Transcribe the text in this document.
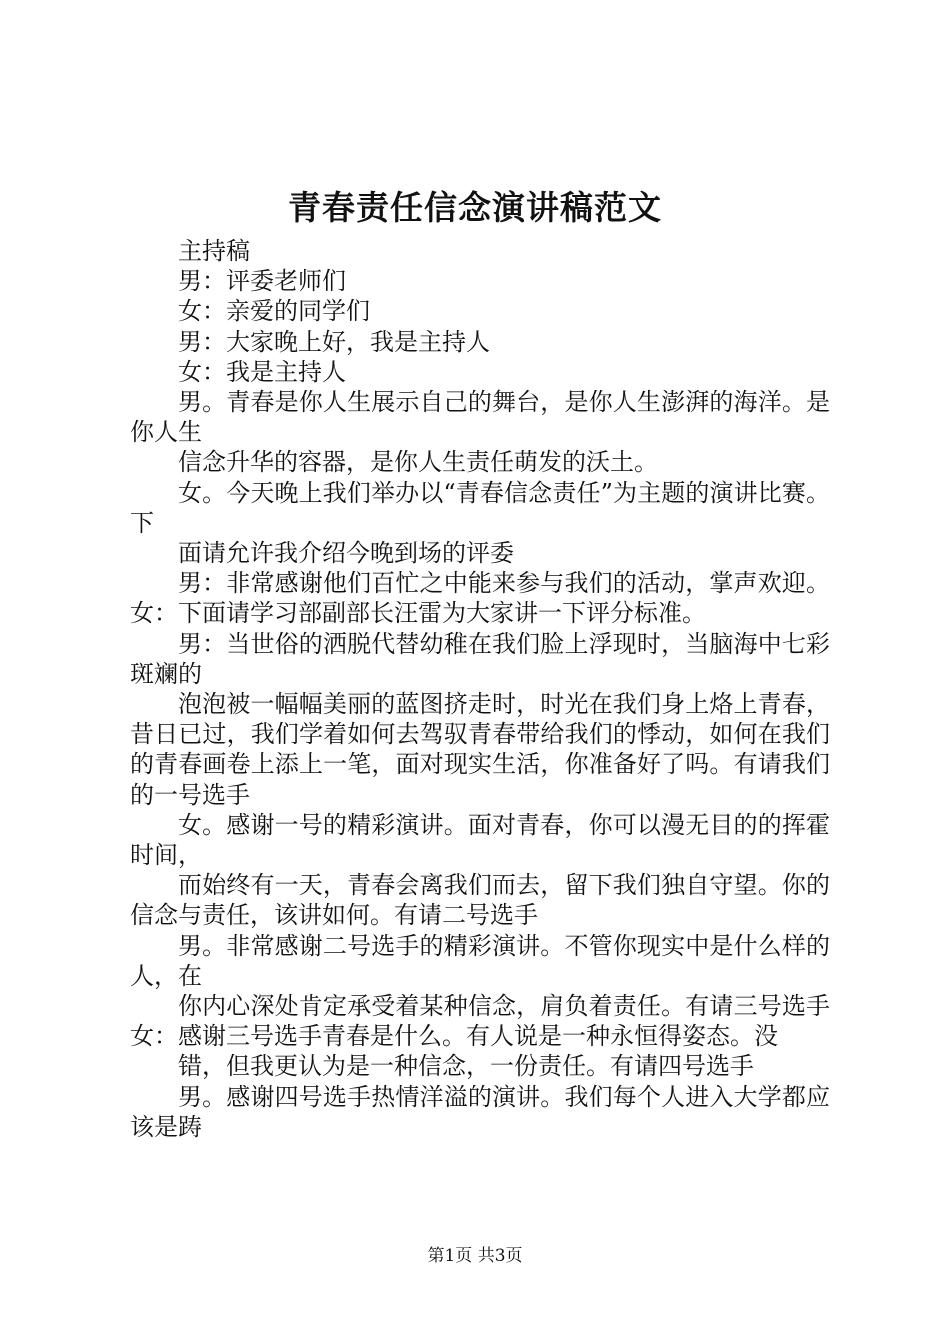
青春责任信念演讲稿范文

主持稿

男：评委老师们

女：亲爱的同学们

男：大家晚上好，我是主持人

女：我是主持人

男。青春是你人生展示自己的舞台，是你人生澎湃的海洋。是你人生

信念升华的容器，是你人生责任萌发的沃土。

女。今天晚上我们举办以“青春信念责任”为主题的演讲比赛。下

面请允许我介绍今晚到场的评委

男：非常感谢他们百忙之中能来参与我们的活动，掌声欢迎。女：下面请学习部副部长汪雷为大家讲一下评分标准。

男：当世俗的洒脱代替幼稚在我们脸上浮现时，当脑海中七彩斑斓的

泡泡被一幅幅美丽的蓝图挤走时，时光在我们身上烙上青春，昔日已过，我们学着如何去驾驭青春带给我们的悸动，如何在我们的青春画卷上添上一笔，面对现实生活，你准备好了吗。有请我们的一号选手

女。感谢一号的精彩演讲。面对青春，你可以漫无目的的挥霍时间，

而始终有一天，青春会离我们而去，留下我们独自守望。你的信念与责任，该讲如何。有请二号选手

男。非常感谢二号选手的精彩演讲。不管你现实中是什么样的人，在

你内心深处肯定承受着某种信念，肩负着责任。有请三号选手女：感谢三号选手青春是什么。有人说是一种永恒得姿态。没

错，但我更认为是一种信念，一份责任。有请四号选手

男。感谢四号选手热情洋溢的演讲。我们每个人进入大学都应该是踌

第1页 共3页
